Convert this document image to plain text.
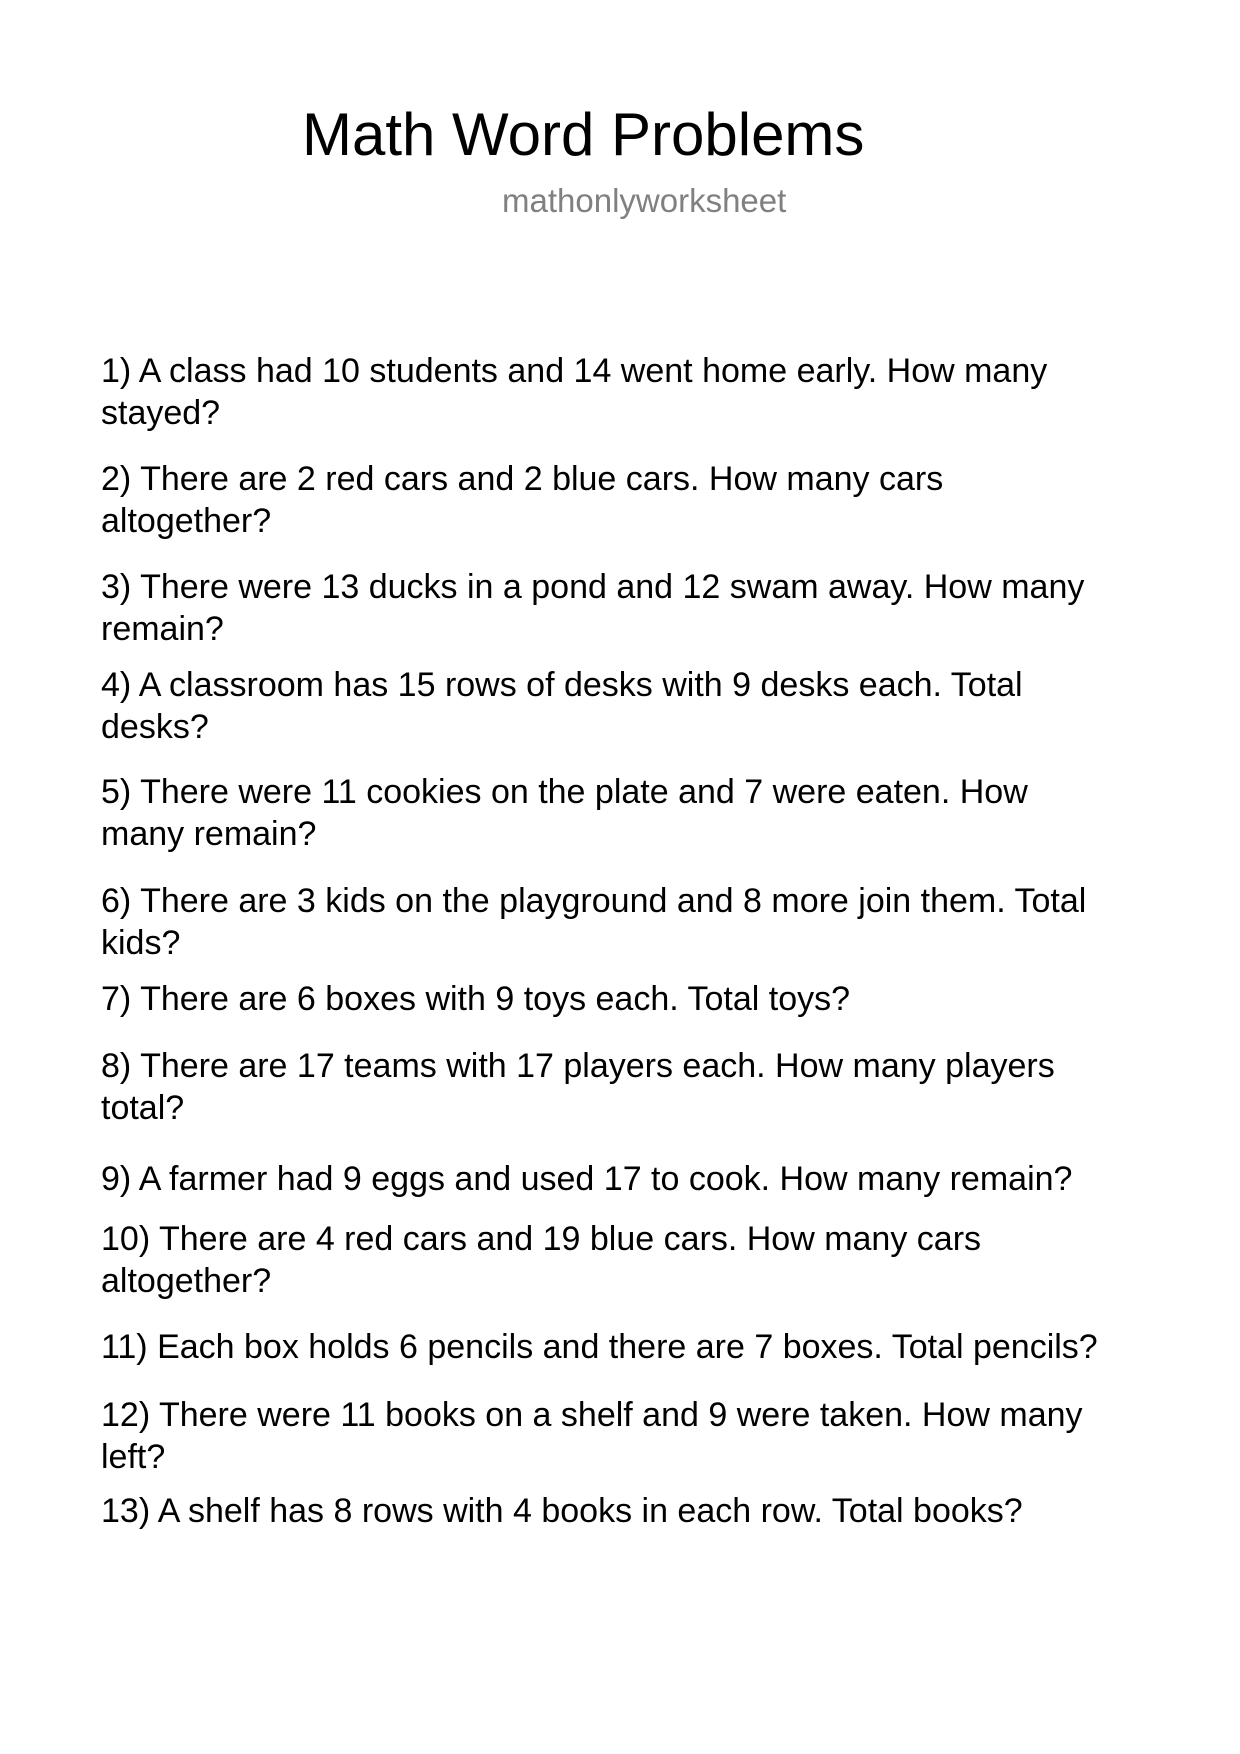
Math Word Problems
mathonlyworksheet
1) A class had 10 students and 14 went home early. How many
stayed?
2) There are 2 red cars and 2 blue cars. How many cars
altogether?
3) There were 13 ducks in a pond and 12 swam away. How many
remain?
4) A classroom has 15 rows of desks with 9 desks each. Total
desks?
5) There were 11 cookies on the plate and 7 were eaten. How
many remain?
6) There are 3 kids on the playground and 8 more join them. Total
kids?
7) There are 6 boxes with 9 toys each. Total toys?
8) There are 17 teams with 17 players each. How many players
total?
9) A farmer had 9 eggs and used 17 to cook. How many remain?
10) There are 4 red cars and 19 blue cars. How many cars
altogether?
11) Each box holds 6 pencils and there are 7 boxes. Total pencils?
12) There were 11 books on a shelf and 9 were taken. How many
left?
13) A shelf has 8 rows with 4 books in each row. Total books?
